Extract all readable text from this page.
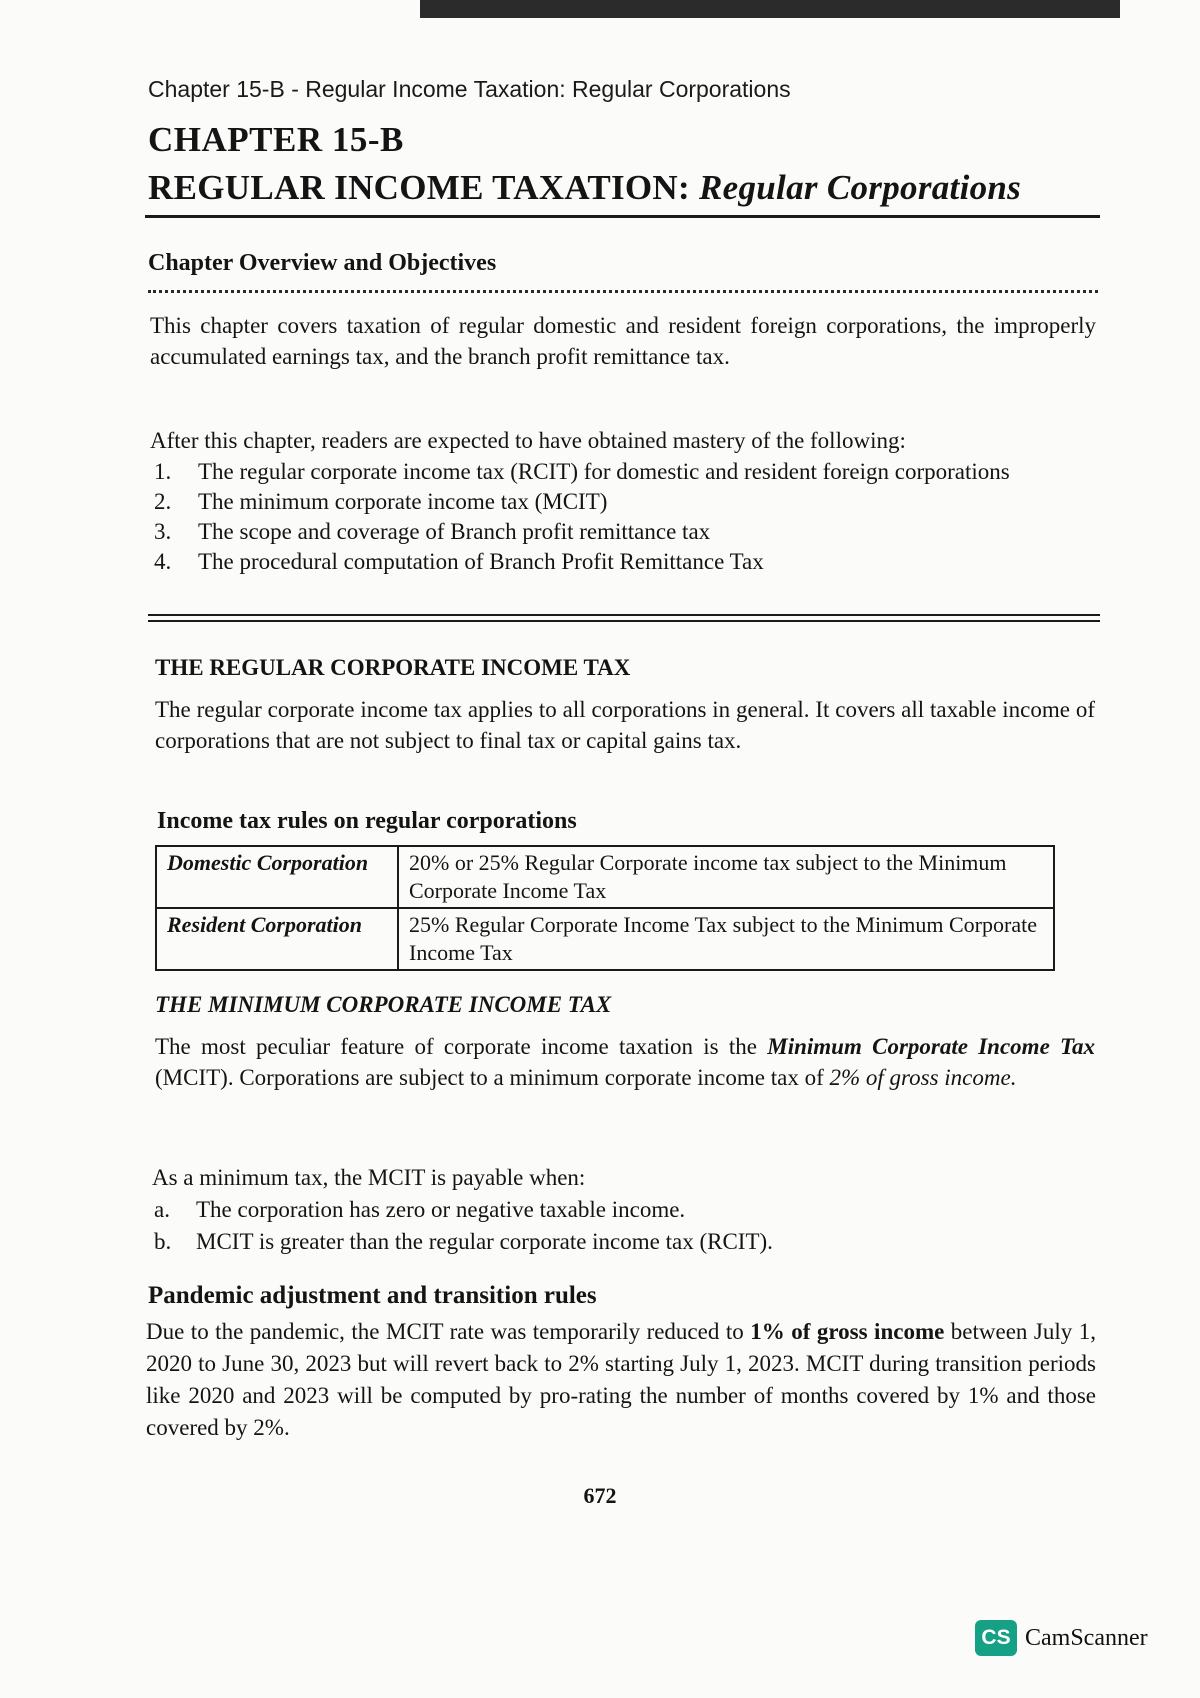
Chapter 15-B - Regular Income Taxation: Regular Corporations
CHAPTER 15-B
REGULAR INCOME TAXATION: Regular Corporations
Chapter Overview and Objectives
This chapter covers taxation of regular domestic and resident foreign corporations, the improperly accumulated earnings tax, and the branch profit remittance tax.
After this chapter, readers are expected to have obtained mastery of the following:
1. The regular corporate income tax (RCIT) for domestic and resident foreign corporations
2. The minimum corporate income tax (MCIT)
3. The scope and coverage of Branch profit remittance tax
4. The procedural computation of Branch Profit Remittance Tax
THE REGULAR CORPORATE INCOME TAX
The regular corporate income tax applies to all corporations in general. It covers all taxable income of corporations that are not subject to final tax or capital gains tax.
Income tax rules on regular corporations
Domestic Corporation	20% or 25% Regular Corporate income tax subject to the Minimum Corporate Income Tax
Resident Corporation	25% Regular Corporate Income Tax subject to the Minimum Corporate Income Tax
THE MINIMUM CORPORATE INCOME TAX
The most peculiar feature of corporate income taxation is the Minimum Corporate Income Tax (MCIT). Corporations are subject to a minimum corporate income tax of 2% of gross income.
As a minimum tax, the MCIT is payable when:
a. The corporation has zero or negative taxable income.
b. MCIT is greater than the regular corporate income tax (RCIT).
Pandemic adjustment and transition rules
Due to the pandemic, the MCIT rate was temporarily reduced to 1% of gross income between July 1, 2020 to June 30, 2023 but will revert back to 2% starting July 1, 2023. MCIT during transition periods like 2020 and 2023 will be computed by pro-rating the number of months covered by 1% and those covered by 2%.
672
CS CamScanner
